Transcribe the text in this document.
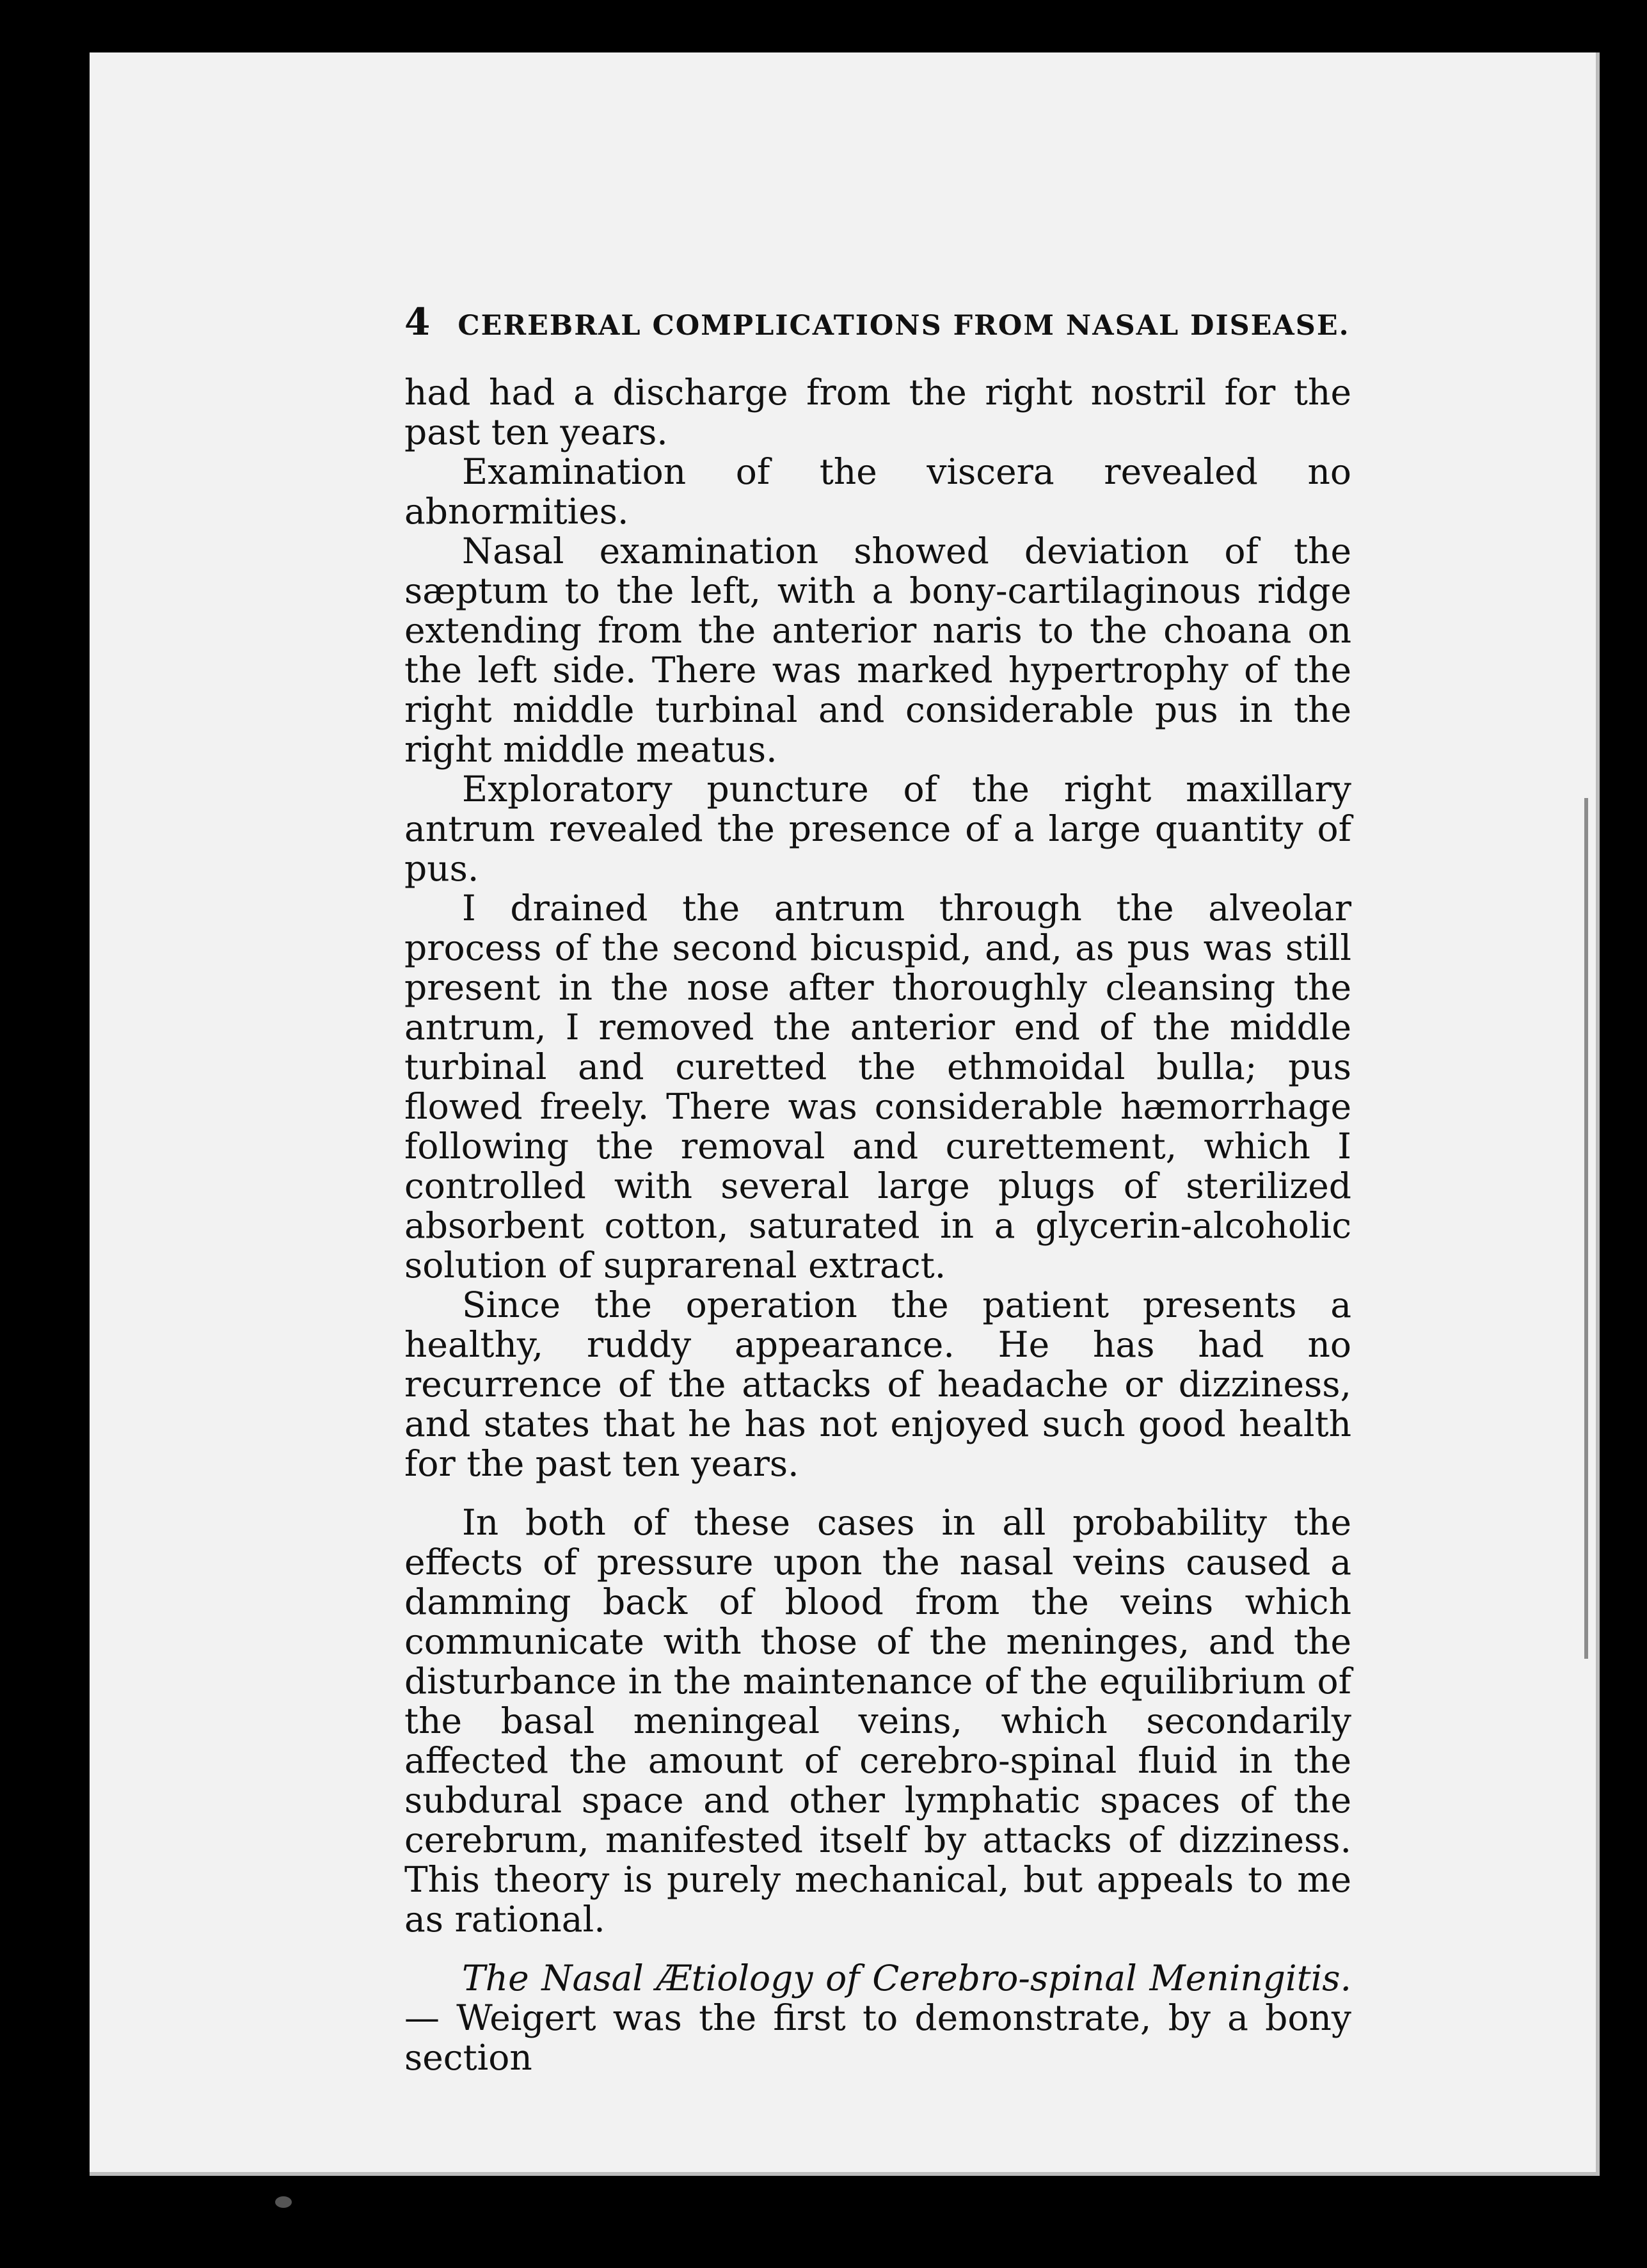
4 CEREBRAL COMPLICATIONS FROM NASAL DISEASE.

had had a discharge from the right nostril for the past ten years.

Examination of the viscera revealed no abnormities.

Nasal examination showed deviation of the sæptum to the left, with a bony-cartilaginous ridge extending from the anterior naris to the choana on the left side. There was marked hypertrophy of the right middle turbinal and considerable pus in the right middle meatus.

Exploratory puncture of the right maxillary antrum revealed the presence of a large quantity of pus.

I drained the antrum through the alveolar process of the second bicuspid, and, as pus was still present in the nose after thoroughly cleansing the antrum, I removed the anterior end of the middle turbinal and curetted the ethmoidal bulla; pus flowed freely. There was considerable hæmorrhage following the removal and curettement, which I controlled with several large plugs of sterilized absorbent cotton, saturated in a glycerin-alcoholic solution of suprarenal extract.

Since the operation the patient presents a healthy, ruddy appearance. He has had no recurrence of the attacks of headache or dizziness, and states that he has not enjoyed such good health for the past ten years.

In both of these cases in all probability the effects of pressure upon the nasal veins caused a damming back of blood from the veins which communicate with those of the meninges, and the disturbance in the maintenance of the equilibrium of the basal meningeal veins, which secondarily affected the amount of cerebro-spinal fluid in the subdural space and other lymphatic spaces of the cerebrum, manifested itself by attacks of dizziness. This theory is purely mechanical, but appeals to me as rational.

The Nasal Ætiology of Cerebro-spinal Meningitis.— Weigert was the first to demonstrate, by a bony section
